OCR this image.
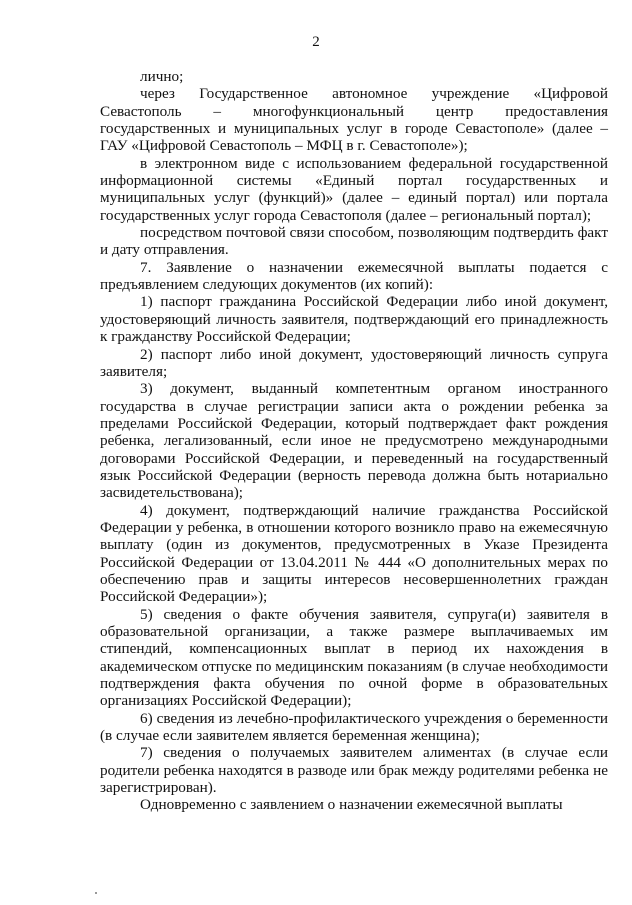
2

лично;

через Государственное автономное учреждение «Цифровой Севастополь – многофункциональный центр предоставления государственных и муниципальных услуг в городе Севастополе» (далее – ГАУ «Цифровой Севастополь – МФЦ в г. Севастополе»);

в электронном виде с использованием федеральной государственной информационной системы «Единый портал государственных и муниципальных услуг (функций)» (далее – единый портал) или портала государственных услуг города Севастополя (далее – региональный портал);

посредством почтовой связи способом, позволяющим подтвердить факт и дату отправления.

7. Заявление о назначении ежемесячной выплаты подается с предъявлением следующих документов (их копий):

1) паспорт гражданина Российской Федерации либо иной документ, удостоверяющий личность заявителя, подтверждающий его принадлежность к гражданству Российской Федерации;

2) паспорт либо иной документ, удостоверяющий личность супруга заявителя;

3) документ, выданный компетентным органом иностранного государства в случае регистрации записи акта о рождении ребенка за пределами Российской Федерации, который подтверждает факт рождения ребенка, легализованный, если иное не предусмотрено международными договорами Российской Федерации, и переведенный на государственный язык Российской Федерации (верность перевода должна быть нотариально засвидетельствована);

4) документ, подтверждающий наличие гражданства Российской Федерации у ребенка, в отношении которого возникло право на ежемесячную выплату (один из документов, предусмотренных в Указе Президента Российской Федерации от 13.04.2011 № 444 «О дополнительных мерах по обеспечению прав и защиты интересов несовершеннолетних граждан Российской Федерации»);

5) сведения о факте обучения заявителя, супруга(и) заявителя в образовательной организации, а также размере выплачиваемых им стипендий, компенсационных выплат в период их нахождения в академическом отпуске по медицинским показаниям (в случае необходимости подтверждения факта обучения по очной форме в образовательных организациях Российской Федерации);

6) сведения из лечебно-профилактического учреждения о беременности (в случае если заявителем является беременная женщина);

7) сведения о получаемых заявителем алиментах (в случае если родители ребенка находятся в разводе или брак между родителями ребенка не зарегистрирован).

Одновременно с заявлением о назначении ежемесячной выплаты
